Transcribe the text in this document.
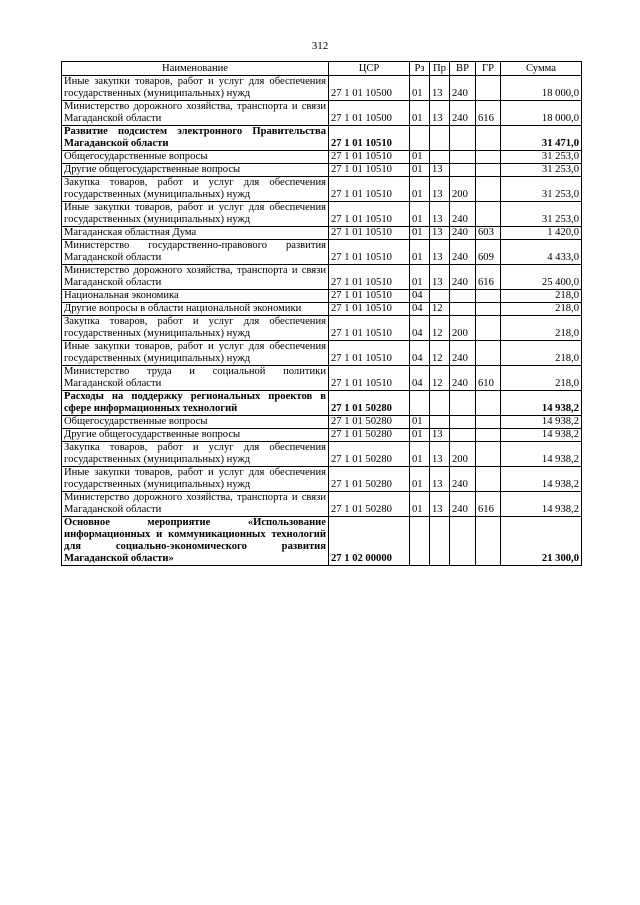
312
Наименование	ЦСР	Рз	Пр	ВР	ГР	Сумма
Иные закупки товаров, работ и услуг для обеспечения государственных (муниципальных) нужд	27 1 01 10500	01	13	240		18 000,0
Министерство дорожного хозяйства, транспорта и связи Магаданской области	27 1 01 10500	01	13	240	616	18 000,0
Развитие подсистем электронного Правительства Магаданской области	27 1 01 10510					31 471,0
Общегосударственные вопросы	27 1 01 10510	01				31 253,0
Другие общегосударственные вопросы	27 1 01 10510	01	13			31 253,0
Закупка товаров, работ и услуг для обеспечения государственных (муниципальных) нужд	27 1 01 10510	01	13	200		31 253,0
Иные закупки товаров, работ и услуг для обеспечения государственных (муниципальных) нужд	27 1 01 10510	01	13	240		31 253,0
Магаданская областная Дума	27 1 01 10510	01	13	240	603	1 420,0
Министерство государственно-правового развития Магаданской области	27 1 01 10510	01	13	240	609	4 433,0
Министерство дорожного хозяйства, транспорта и связи Магаданской области	27 1 01 10510	01	13	240	616	25 400,0
Национальная экономика	27 1 01 10510	04				218,0
Другие вопросы в области национальной экономики	27 1 01 10510	04	12			218,0
Закупка товаров, работ и услуг для обеспечения государственных (муниципальных) нужд	27 1 01 10510	04	12	200		218,0
Иные закупки товаров, работ и услуг для обеспечения государственных (муниципальных) нужд	27 1 01 10510	04	12	240		218,0
Министерство труда и социальной политики Магаданской области	27 1 01 10510	04	12	240	610	218,0
Расходы на поддержку региональных проектов в сфере информационных технологий	27 1 01 50280					14 938,2
Общегосударственные вопросы	27 1 01 50280	01				14 938,2
Другие общегосударственные вопросы	27 1 01 50280	01	13			14 938,2
Закупка товаров, работ и услуг для обеспечения государственных (муниципальных) нужд	27 1 01 50280	01	13	200		14 938,2
Иные закупки товаров, работ и услуг для обеспечения государственных (муниципальных) нужд	27 1 01 50280	01	13	240		14 938,2
Министерство дорожного хозяйства, транспорта и связи Магаданской области	27 1 01 50280	01	13	240	616	14 938,2
Основное мероприятие «Использование информационных и коммуникационных технологий для социально-экономического развития Магаданской области»	27 1 02 00000					21 300,0
